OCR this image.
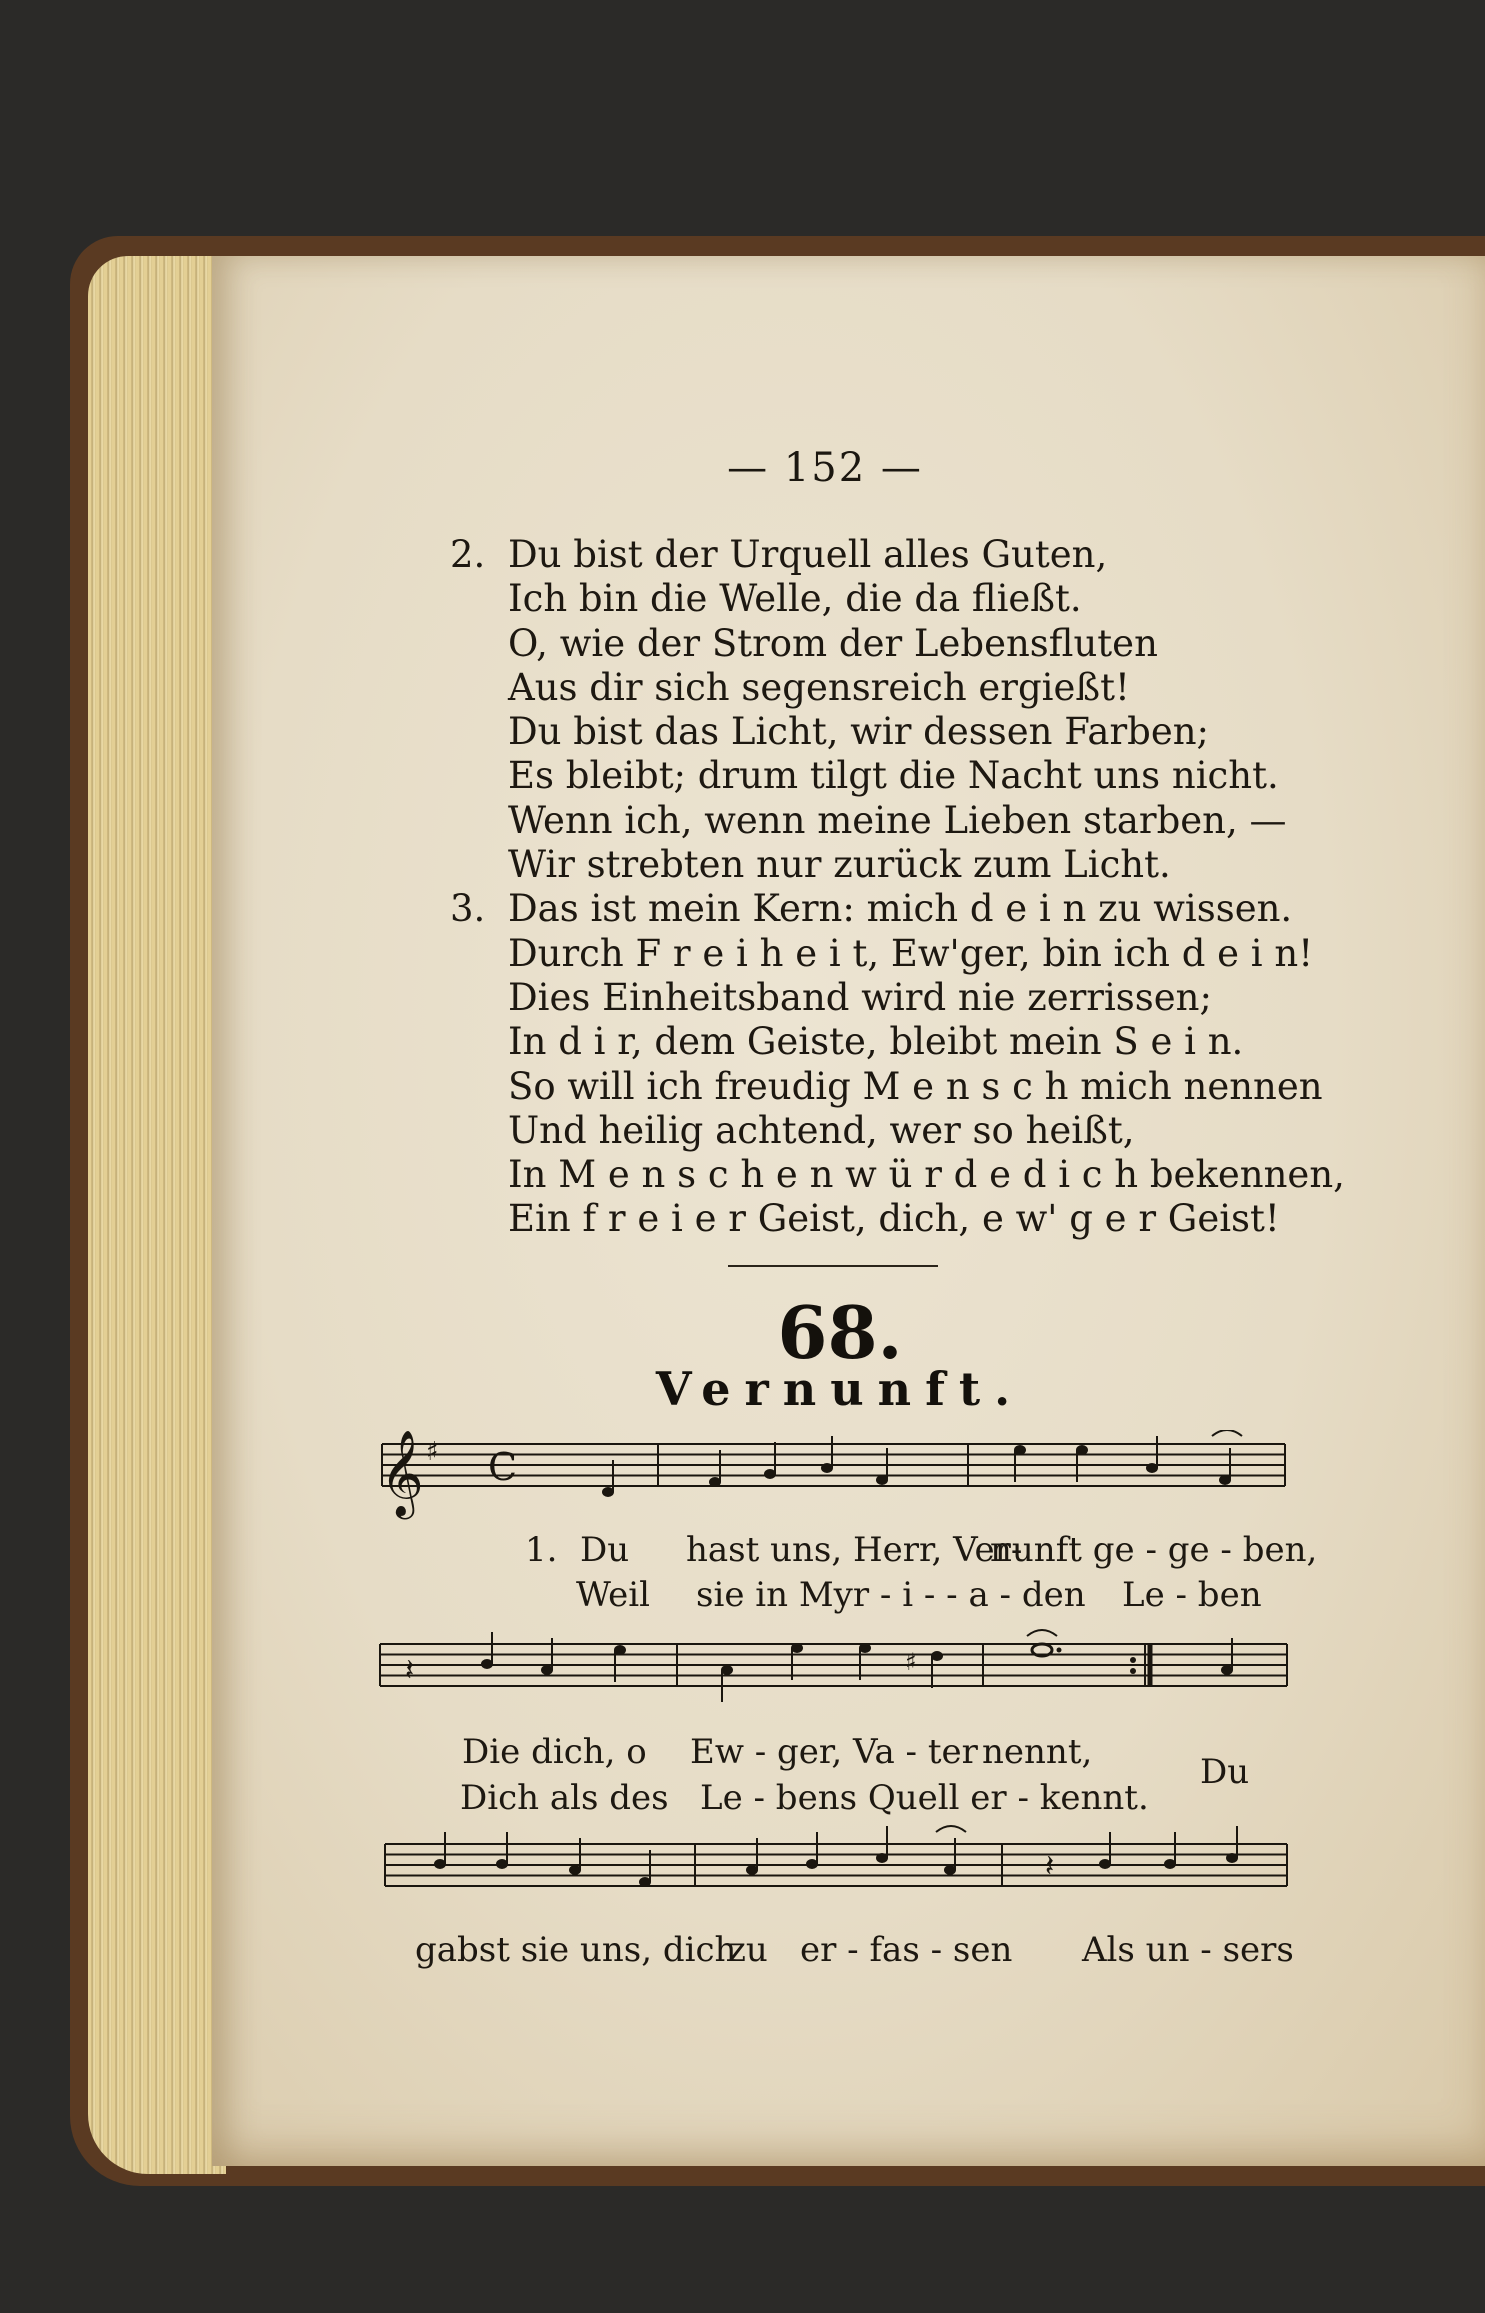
— 152 —
2. Du bist der Urquell alles Guten,
Ich bin die Welle, die da fließt.
O, wie der Strom der Lebensfluten
Aus dir sich segensreich ergießt!
Du bist das Licht, wir dessen Farben;
Es bleibt; drum tilgt die Nacht uns nicht.
Wenn ich, wenn meine Lieben starben, —
Wir strebten nur zurück zum Licht.
3. Das ist mein Kern: mich d e i n zu wissen.
Durch F r e i h e i t, Ew'ger, bin ich d e i n!
Dies Einheitsband wird nie zerrissen;
In d i r, dem Geiste, bleibt mein S e i n.
So will ich freudig M e n s c h mich nennen
Und heilig achtend, wer so heißt,
In M e n s c h e n w ü r d e d i c h bekennen,
Ein f r e i e r Geist, dich, e w' g e r Geist!
68.
Vernunft.
𝄞 ♯ C
1. Du hast uns, Herr, Ver-
nunft ge - ge - ben,
Weil sie in Myr - i - - a - den Le - ben
𝄽	♯
Die dich, o Ew - ger, Va - ter nennt,	Du
Dich als des Le - bens Quell er - kennt.
𝄽
gabst sie uns, dich
zu er - fas - sen Als un - sers
